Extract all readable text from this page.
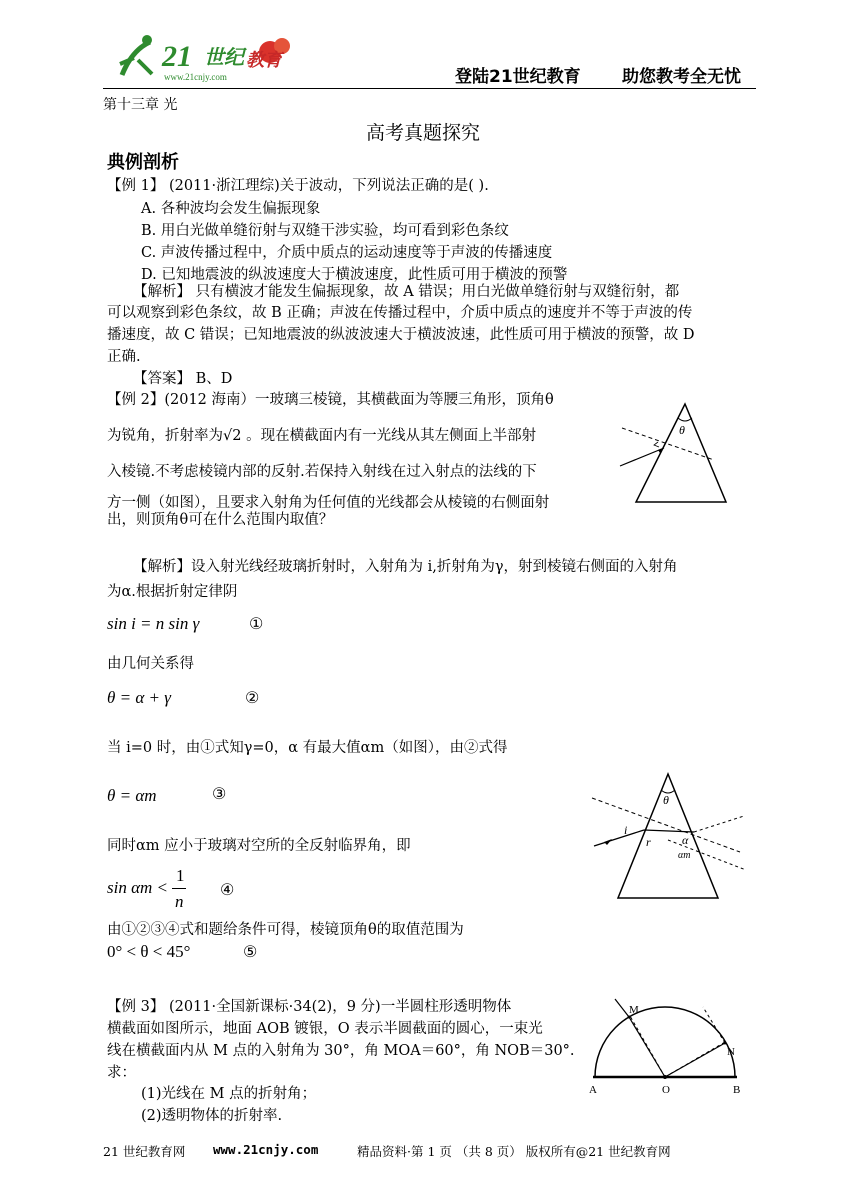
21 世纪 教育
www.21cnjy.com	登陆21世纪教育 助您教考全无忧
第十三章 光
高考真题探究
典例剖析
【例 1】 (2011·浙江理综)关于波动，下列说法正确的是( ).
A. 各种波均会发生偏振现象
B. 用白光做单缝衍射与双缝干涉实验，均可看到彩色条纹
C. 声波传播过程中，介质中质点的运动速度等于声波的传播速度
D. 已知地震波的纵波速度大于横波速度，此性质可用于横波的预警
【解析】 只有横波才能发生偏振现象，故 A 错误；用白光做单缝衍射与双缝衍射，都
可以观察到彩色条纹，故 B 正确；声波在传播过程中，介质中质点的速度并不等于声波的传
播速度，故 C 错误；已知地震波的纵波波速大于横波波速，此性质可用于横波的预警，故 D
正确.
【答案】 B、D
【例 2】(2012 海南）一玻璃三棱镜，其横截面为等腰三角形，顶角θ
为锐角，折射率为√2 。现在横截面内有一光线从其左侧面上半部射
入棱镜.不考虑棱镜内部的反射.若保持入射线在过入射点的法线的下
方一侧（如图），且要求入射角为任何值的光线都会从棱镜的右侧面射
出，则顶角θ可在什么范围内取值？
θ
【解析】设入射光线经玻璃折射时，入射角为 i,折射角为γ，射到棱镜右侧面的入射角
为α.根据折射定律阴
sin i = n sin γ	①
由几何关系得
θ = α + γ	②
当 i=0 时，由①式知γ=0，α 有最大值αm（如图），由②式得
θ = αm	③
同时αm 应小于玻璃对空所的全反射临界角，即
sin αm <
1
n
④
由①②③④式和题给条件可得，棱镜顶角θ的取值范围为
0° < θ < 45°	⑤
θ
i
r	α
αm
【例 3】 (2011·全国新课标·34(2)，9 分)一半圆柱形透明物体
横截面如图所示，地面 AOB 镀银，O 表示半圆截面的圆心，一束光
线在横截面内从 M 点的入射角为 30°，角 MOA＝60°，角 NOB＝30°.
求：
(1)光线在 M 点的折射角；
(2)透明物体的折射率.
M
N
A	O	B
21 世纪教育网 www.21cnjy.com	精品资料·第 1 页 （共 8 页） 版权所有@21 世纪教育网
